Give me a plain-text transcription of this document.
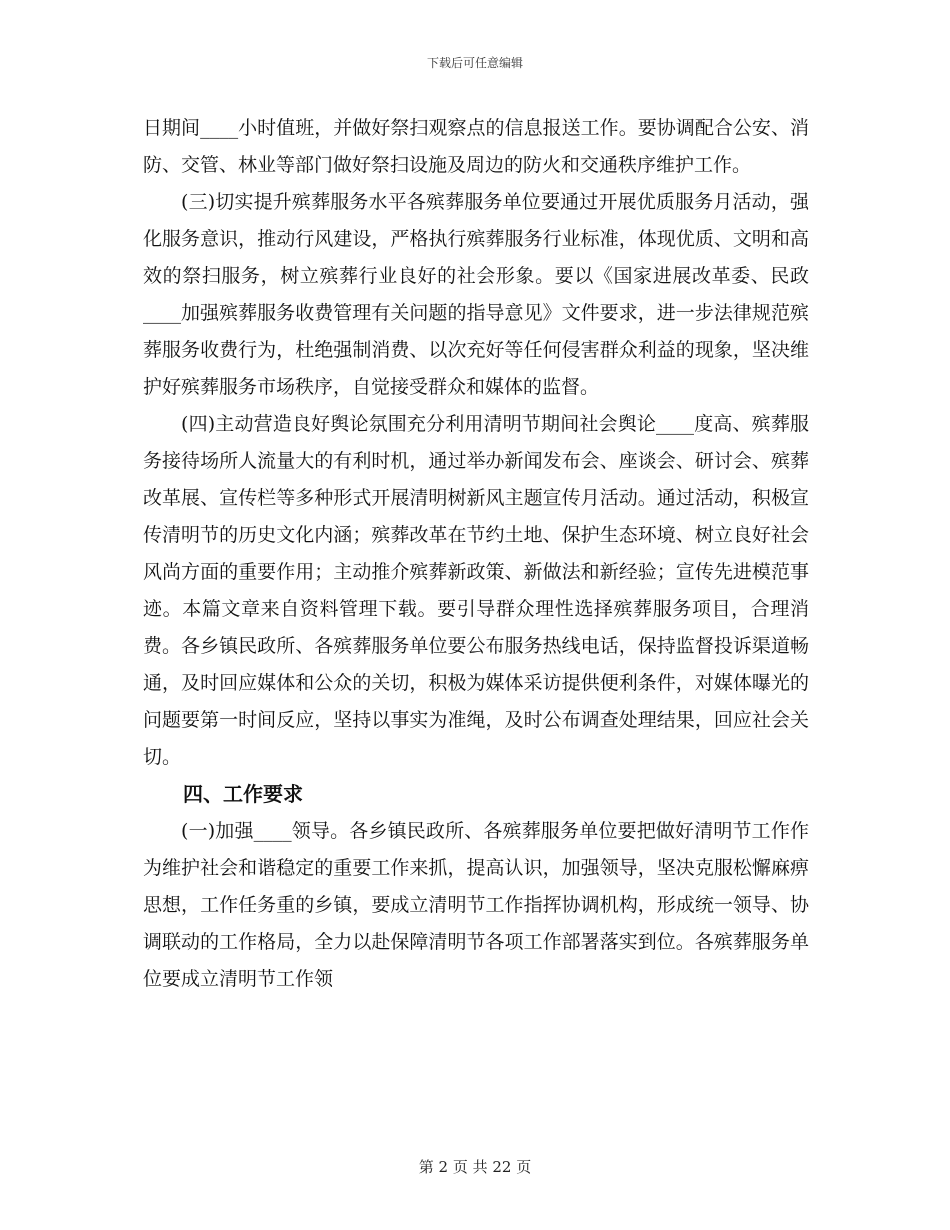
下载后可任意编辑

日期间____小时值班，并做好祭扫观察点的信息报送工作。要协调配合公安、消防、交管、林业等部门做好祭扫设施及周边的防火和交通秩序维护工作。

(三)切实提升殡葬服务水平各殡葬服务单位要通过开展优质服务月活动，强化服务意识，推动行风建设，严格执行殡葬服务行业标准，体现优质、文明和高效的祭扫服务，树立殡葬行业良好的社会形象。要以《国家进展改革委、民政____加强殡葬服务收费管理有关问题的指导意见》文件要求，进一步法律规范殡葬服务收费行为，杜绝强制消费、以次充好等任何侵害群众利益的现象，坚决维护好殡葬服务市场秩序，自觉接受群众和媒体的监督。

(四)主动营造良好舆论氛围充分利用清明节期间社会舆论____度高、殡葬服务接待场所人流量大的有利时机，通过举办新闻发布会、座谈会、研讨会、殡葬改革展、宣传栏等多种形式开展清明树新风主题宣传月活动。通过活动，积极宣传清明节的历史文化内涵；殡葬改革在节约土地、保护生态环境、树立良好社会风尚方面的重要作用；主动推介殡葬新政策、新做法和新经验；宣传先进模范事迹。本篇文章来自资料管理下载。要引导群众理性选择殡葬服务项目，合理消费。各乡镇民政所、各殡葬服务单位要公布服务热线电话，保持监督投诉渠道畅通，及时回应媒体和公众的关切，积极为媒体采访提供便利条件，对媒体曝光的问题要第一时间反应，坚持以事实为准绳，及时公布调查处理结果，回应社会关切。

四、工作要求

(一)加强____领导。各乡镇民政所、各殡葬服务单位要把做好清明节工作作为维护社会和谐稳定的重要工作来抓，提高认识，加强领导，坚决克服松懈麻痹思想，工作任务重的乡镇，要成立清明节工作指挥协调机构，形成统一领导、协调联动的工作格局，全力以赴保障清明节各项工作部署落实到位。各殡葬服务单位要成立清明节工作领

第 2 页 共 22 页
